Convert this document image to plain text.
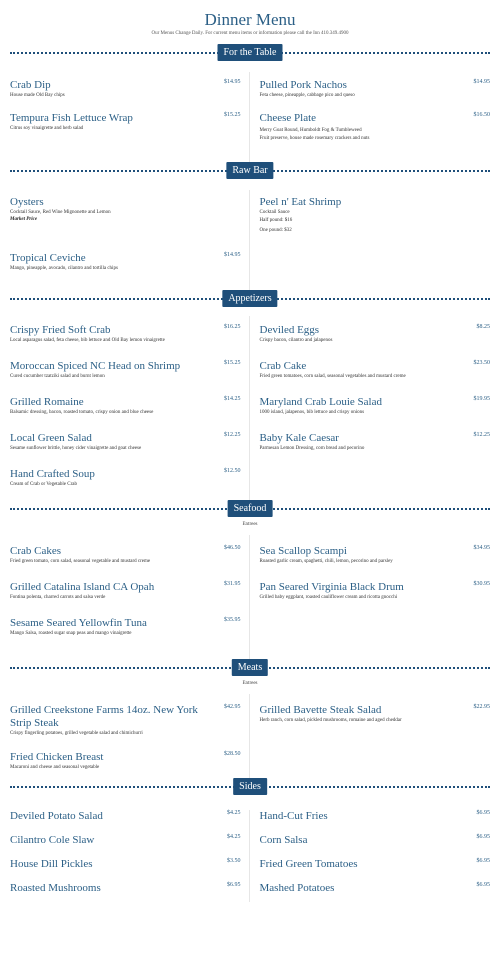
Dinner Menu
Our Menus Change Daily. For current menu items or information please call the Inn 410.349.4900
For the Table
Crab Dip	$14.95
House made Old Bay chips
Tempura Fish Lettuce Wrap	$15.25
Citrus soy vinaigrette and herb salad
Pulled Pork Nachos	$14.95
Feta cheese, pineapple, cabbage pico and queso
Cheese Plate	$16.50
Merry Goat Round, Humboldt Fog & Tumbleweed
Fruit preserve, house made rosemary crackers and nuts
Raw Bar
Oysters
Cocktail Sauce, Red Wine Mignonette and Lemon
Market Price
Tropical Ceviche	$14.95
Mango, pineapple, avocado, cilantro and tortilla chips
Peel n' Eat Shrimp
Cocktail Sauce
Half pound: $16
One pound: $32
Appetizers
Crispy Fried Soft Crab	$16.25
Local asparagus salad, feta cheese, bib lettuce and Old Bay lemon vinaigrette
Moroccan Spiced NC Head on Shrimp	$15.25
Cured cucumber tzatziki salad and burnt lemon
Grilled Romaine	$14.25
Balsamic dressing, bacon, roasted tomato, crispy onion and blue cheese
Local Green Salad	$12.25
Sesame sunflower brittle, honey cider vinaigrette and goat cheese
Hand Crafted Soup	$12.50
Cream of Crab or Vegetable Crab
Deviled Eggs	$8.25
Crispy bacon, cilantro and jalapenos
Crab Cake	$23.50
Fried green tomatoes, corn salad, seasonal vegetables and mustard creme
Maryland Crab Louie Salad	$19.95
1000 island, jalapenos, bib lettuce and crispy onions
Baby Kale Caesar	$12.25
Parmesan Lemon Dressing, corn bread and pecorino
Seafood
Entrees
Crab Cakes	$46.50
Fried green tomato, corn salad, seasonal vegetable and mustard creme
Grilled Catalina Island CA Opah	$31.95
Fontina polenta, charred carrots and salsa verde
Sesame Seared Yellowfin Tuna	$35.95
Mango Salsa, roasted sugar snap peas and mango vinaigrette
Sea Scallop Scampi	$34.95
Roasted garlic cream, spaghetti, chili, lemon, pecorino and parsley
Pan Seared Virginia Black Drum	$30.95
Grilled baby eggplant, roasted cauliflower cream and ricotta gnocchi
Meats
Entrees
Grilled Creekstone Farms 14oz. New York Strip Steak
$42.95
Crispy fingerling potatoes, grilled vegetable salad and chimichurri
Fried Chicken Breast	$28.50
Macaroni and cheese and seasonal vegetable
Grilled Bavette Steak Salad	$22.95
Herb ranch, corn salad, pickled mushrooms, romaine and aged cheddar
Sides
Deviled Potato Salad	$4.25
Cilantro Cole Slaw	$4.25
House Dill Pickles	$3.50
Roasted Mushrooms	$6.95
Hand-Cut Fries	$6.95
Corn Salsa	$6.95
Fried Green Tomatoes	$6.95
Mashed Potatoes	$6.95
